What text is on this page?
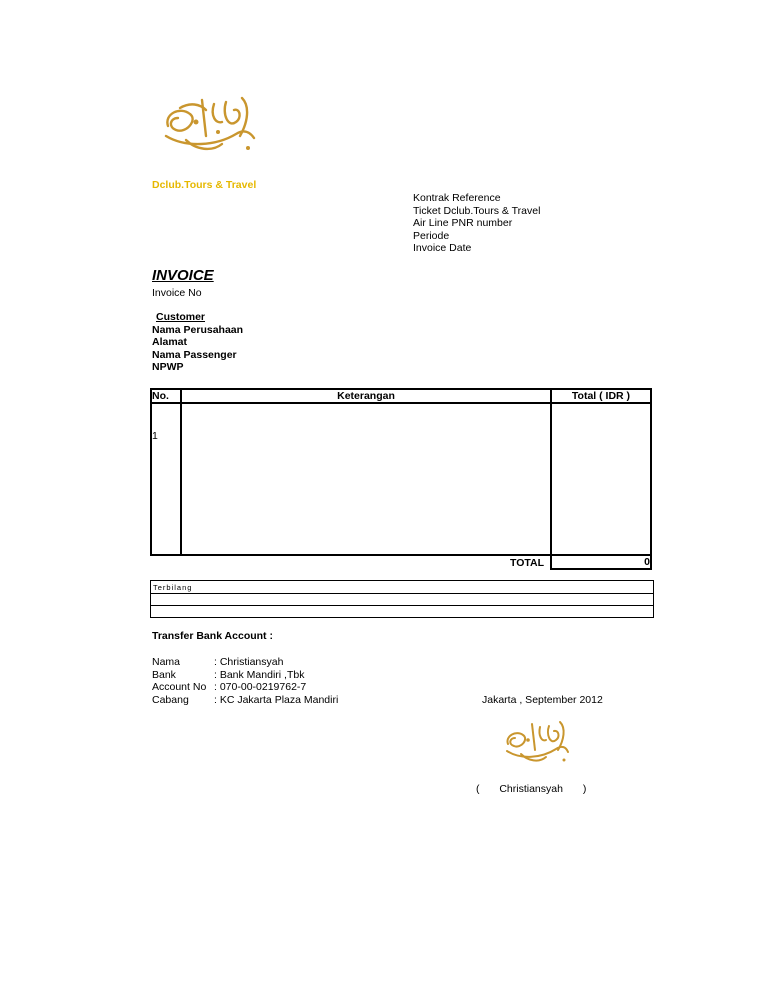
Dclub.Tours & Travel
Kontrak Reference
Ticket Dclub.Tours & Travel
Air Line PNR number
Periode
Invoice Date
INVOICE
Invoice No
Customer
Nama Perusahaan
Alamat
Nama Passenger
NPWP
No.	Keterangan	Total ( IDR )

1		

	TOTAL	0
Terbilang
Transfer Bank Account :
Nama	: Christiansyah
Bank	: Bank Mandiri ,Tbk
Account No	: 070-00-0219762-7
Cabang	: KC Jakarta Plaza Mandiri	Jakarta , September 2012
( Christiansyah )
